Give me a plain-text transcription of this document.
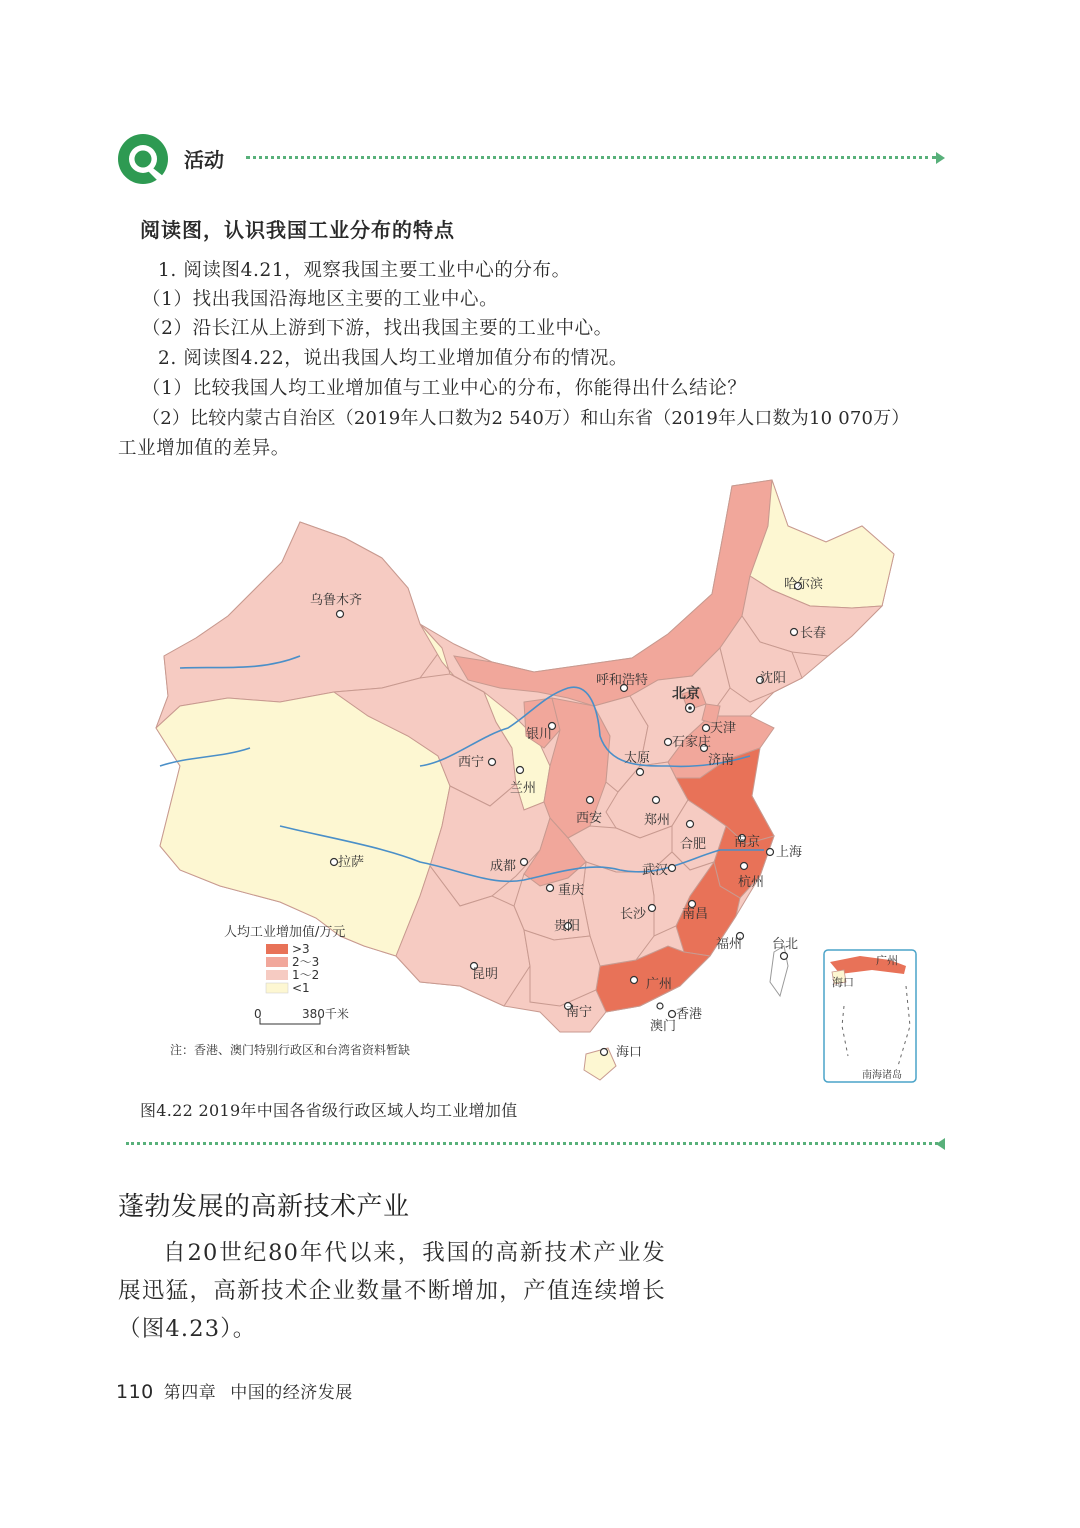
活动
阅读图，认识我国工业分布的特点
1. 阅读图4.21，观察我国主要工业中心的分布。
（1）找出我国沿海地区主要的工业中心。
（2）沿长江从上游到下游，找出我国主要的工业中心。
2. 阅读图4.22，说出我国人均工业增加值分布的情况。
（1）比较我国人均工业增加值与工业中心的分布，你能得出什么结论？
（2）比较内蒙古自治区（2019年人口数为2 540万）和山东省（2019年人口数为10 070万）
工业增加值的差异。
乌鲁木齐
哈尔滨
长春
沈阳
呼和浩特
北京
天津
石家庄
银川
太原	济南
西宁
兰州
西安	郑州
合肥 南京
上海
拉萨	成都	武汉
杭州
重庆
长沙	南昌
贵阳
福州 台北
昆明
广州
南宁	香港
澳门
海口
人均工业增加值/万元
>3
2～3
1～2
<1
0	380千米
注：香港、澳门特别行政区和台湾省资料暂缺
广州
海口
南海诸岛
图4.22 2019年中国各省级行政区域人均工业增加值
蓬勃发展的高新技术产业
自20世纪80年代以来，我国的高新技术产业发展迅猛，高新技术企业数量不断增加，产值连续增长（图4.23）。
110 第四章 中国的经济发展
